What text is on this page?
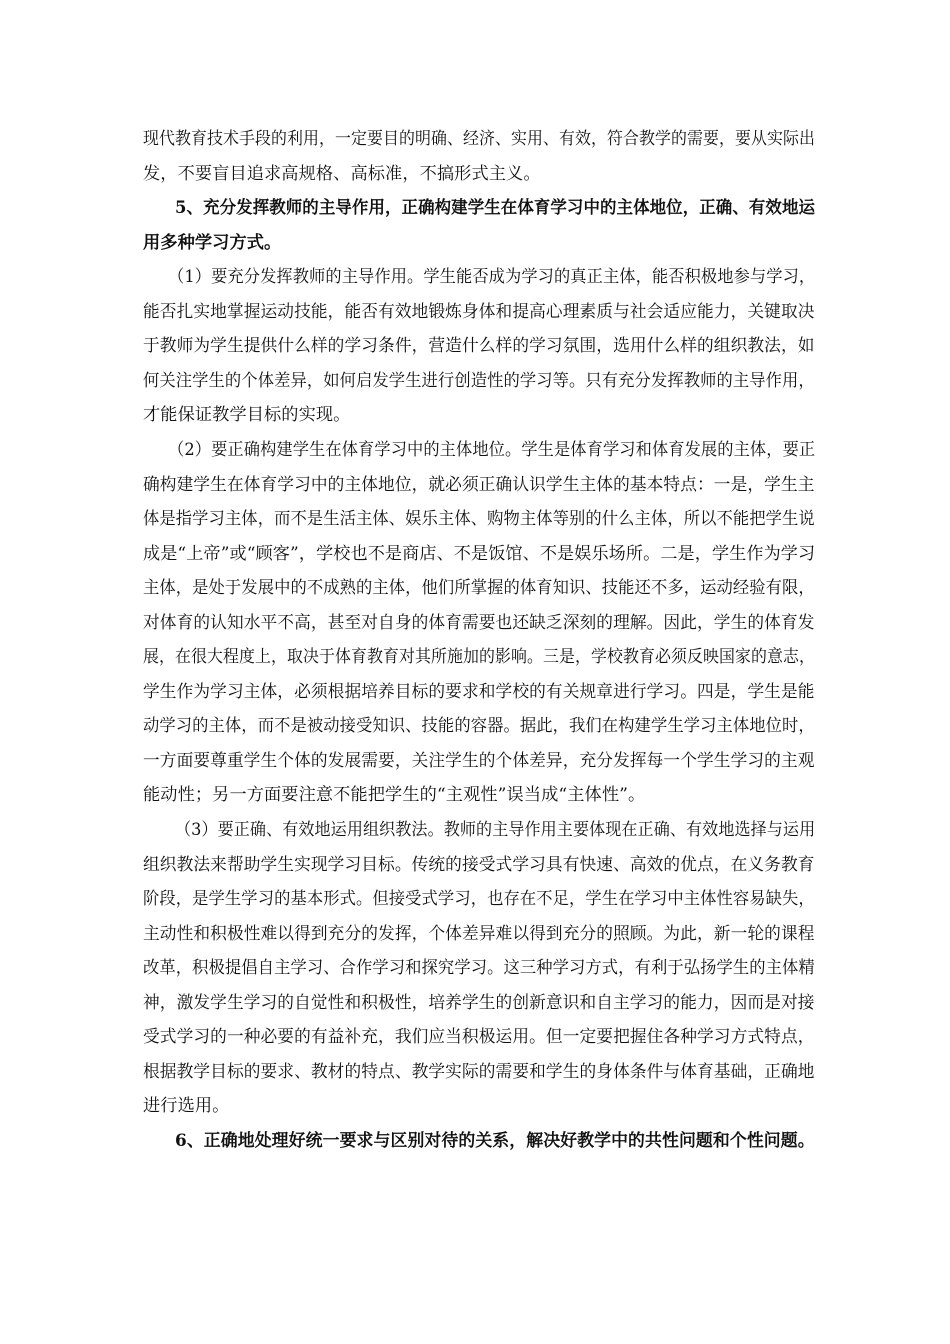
现代教育技术手段的利用，一定要目的明确、经济、实用、有效，符合教学的需要，要从实际出
发，不要盲目追求高规格、高标准，不搞形式主义。
5、充分发挥教师的主导作用，正确构建学生在体育学习中的主体地位，正确、有效地运
用多种学习方式。
（1）要充分发挥教师的主导作用。学生能否成为学习的真正主体，能否积极地参与学习，
能否扎实地掌握运动技能，能否有效地锻炼身体和提高心理素质与社会适应能力，关键取决
于教师为学生提供什么样的学习条件，营造什么样的学习氛围，选用什么样的组织教法，如
何关注学生的个体差异，如何启发学生进行创造性的学习等。只有充分发挥教师的主导作用，
才能保证教学目标的实现。
（2）要正确构建学生在体育学习中的主体地位。学生是体育学习和体育发展的主体，要正
确构建学生在体育学习中的主体地位，就必须正确认识学生主体的基本特点：一是，学生主
体是指学习主体，而不是生活主体、娱乐主体、购物主体等别的什么主体，所以不能把学生说
成是“上帝”或“顾客”，学校也不是商店、不是饭馆、不是娱乐场所。二是，学生作为学习
主体，是处于发展中的不成熟的主体，他们所掌握的体育知识、技能还不多，运动经验有限，
对体育的认知水平不高，甚至对自身的体育需要也还缺乏深刻的理解。因此，学生的体育发
展，在很大程度上，取决于体育教育对其所施加的影响。三是，学校教育必须反映国家的意志，
学生作为学习主体，必须根据培养目标的要求和学校的有关规章进行学习。四是，学生是能
动学习的主体，而不是被动接受知识、技能的容器。据此，我们在构建学生学习主体地位时，
一方面要尊重学生个体的发展需要，关注学生的个体差异，充分发挥每一个学生学习的主观
能动性；另一方面要注意不能把学生的“主观性”误当成“主体性”。
（3）要正确、有效地运用组织教法。教师的主导作用主要体现在正确、有效地选择与运用
组织教法来帮助学生实现学习目标。传统的接受式学习具有快速、高效的优点，在义务教育
阶段，是学生学习的基本形式。但接受式学习，也存在不足，学生在学习中主体性容易缺失，
主动性和积极性难以得到充分的发挥，个体差异难以得到充分的照顾。为此，新一轮的课程
改革，积极提倡自主学习、合作学习和探究学习。这三种学习方式，有利于弘扬学生的主体精
神，激发学生学习的自觉性和积极性，培养学生的创新意识和自主学习的能力，因而是对接
受式学习的一种必要的有益补充，我们应当积极运用。但一定要把握住各种学习方式特点，
根据教学目标的要求、教材的特点、教学实际的需要和学生的身体条件与体育基础，正确地
进行选用。
6、正确地处理好统一要求与区别对待的关系，解决好教学中的共性问题和个性问题。
